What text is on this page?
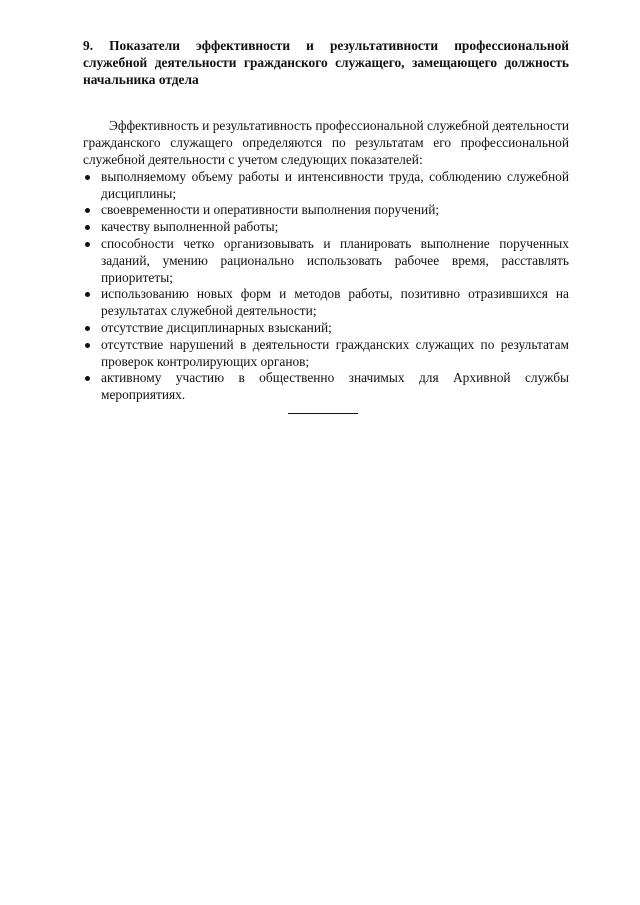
9. Показатели эффективности и результативности профессиональной служебной деятельности гражданского служащего, замещающего должность начальника отдела

Эффективность и результативность профессиональной служебной деятельности гражданского служащего определяются по результатам его профессиональной служебной деятельности с учетом следующих показателей:

выполняемому объему работы и интенсивности труда, соблюдению служебной дисциплины;
своевременности и оперативности выполнения поручений;
качеству выполненной работы;
способности четко организовывать и планировать выполнение порученных заданий, умению рационально использовать рабочее время, расставлять приоритеты;
использованию новых форм и методов работы, позитивно отразившихся на результатах служебной деятельности;
отсутствие дисциплинарных взысканий;
отсутствие нарушений в деятельности гражданских служащих по результатам проверок контролирующих органов;
активному участию в общественно значимых для Архивной службы мероприятиях.
